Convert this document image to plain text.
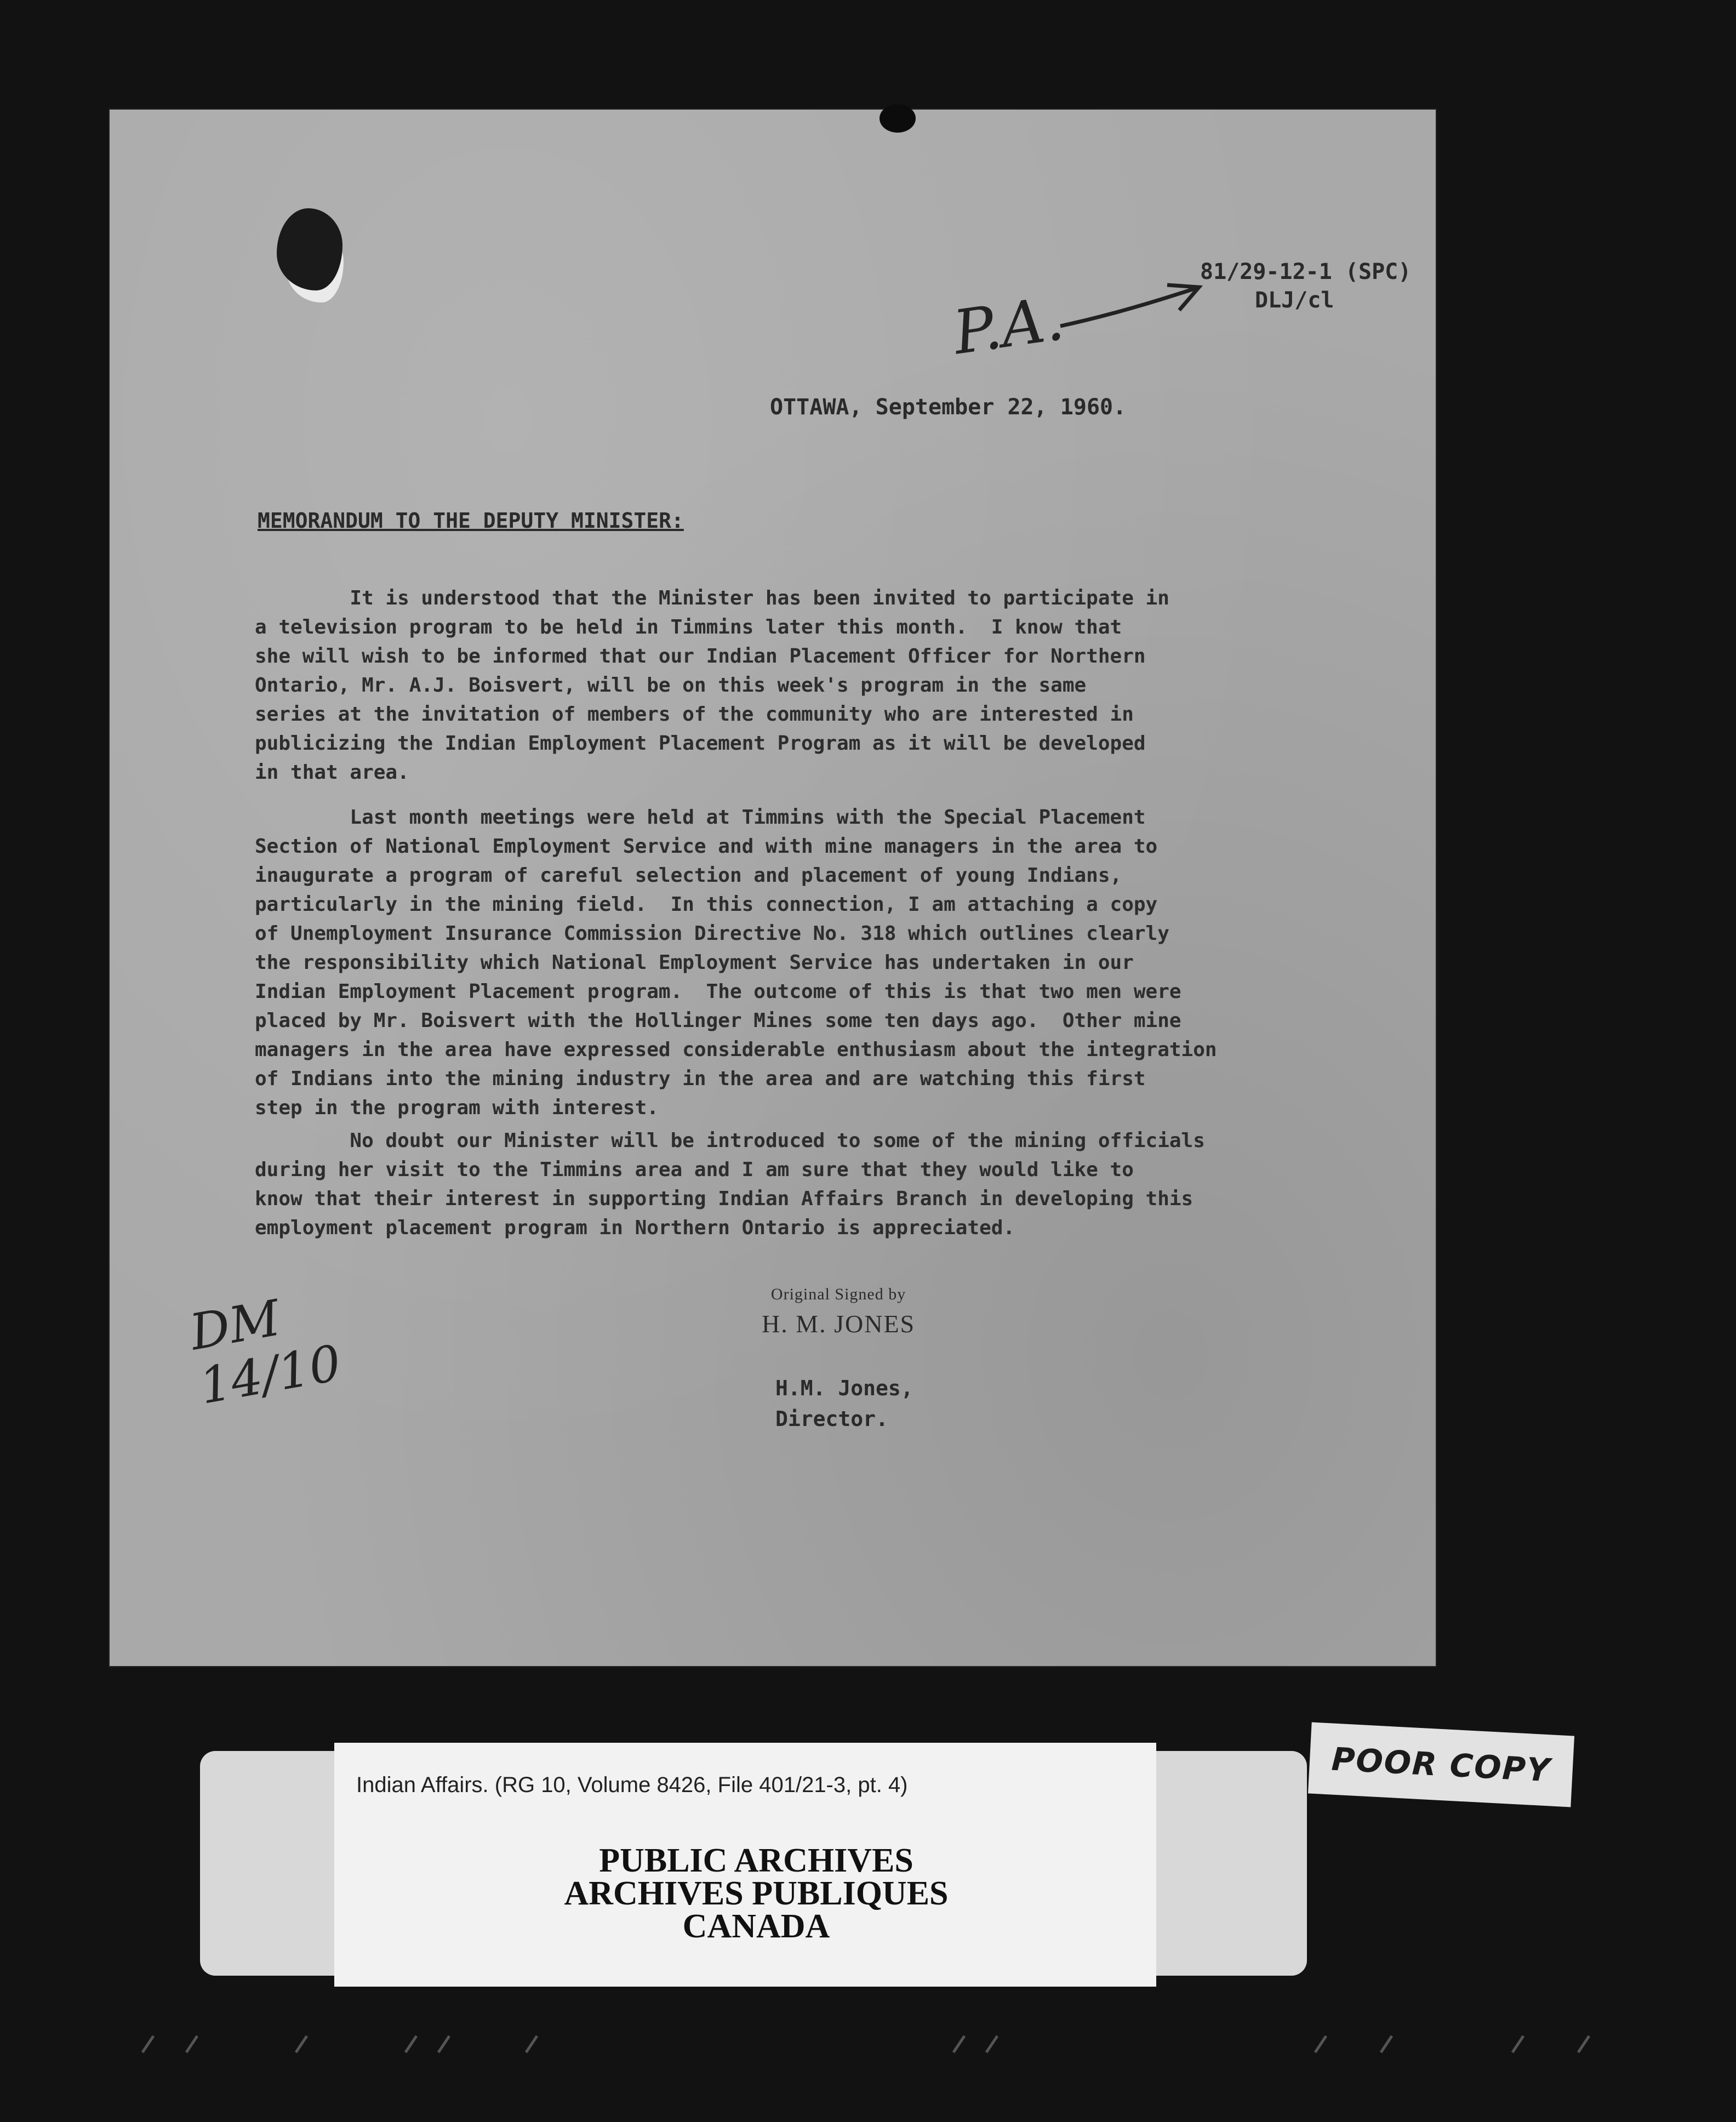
81/29-12-1 (SPC)
DLJ/cl
P.A.
OTTAWA, September 22, 1960.
MEMORANDUM TO THE DEPUTY MINISTER:
It is understood that the Minister has been invited to participate in
a television program to be held in Timmins later this month.  I know that
she will wish to be informed that our Indian Placement Officer for Northern
Ontario, Mr. A.J. Boisvert, will be on this week's program in the same
series at the invitation of members of the community who are interested in
publicizing the Indian Employment Placement Program as it will be developed
in that area.
Last month meetings were held at Timmins with the Special Placement
Section of National Employment Service and with mine managers in the area to
inaugurate a program of careful selection and placement of young Indians,
particularly in the mining field.  In this connection, I am attaching a copy
of Unemployment Insurance Commission Directive No. 318 which outlines clearly
the responsibility which National Employment Service has undertaken in our
Indian Employment Placement program.  The outcome of this is that two men were
placed by Mr. Boisvert with the Hollinger Mines some ten days ago.  Other mine
managers in the area have expressed considerable enthusiasm about the integration
of Indians into the mining industry in the area and are watching this first
step in the program with interest.
No doubt our Minister will be introduced to some of the mining officials
during her visit to the Timmins area and I am sure that they would like to
know that their interest in supporting Indian Affairs Branch in developing this
employment placement program in Northern Ontario is appreciated.
Original Signed by
H. M. JONES
H.M. Jones,
Director.
DM
14/10
Indian Affairs. (RG 10, Volume 8426, File 401/21-3, pt. 4)
PUBLIC ARCHIVES
ARCHIVES PUBLIQUES
CANADA
POOR COPY
